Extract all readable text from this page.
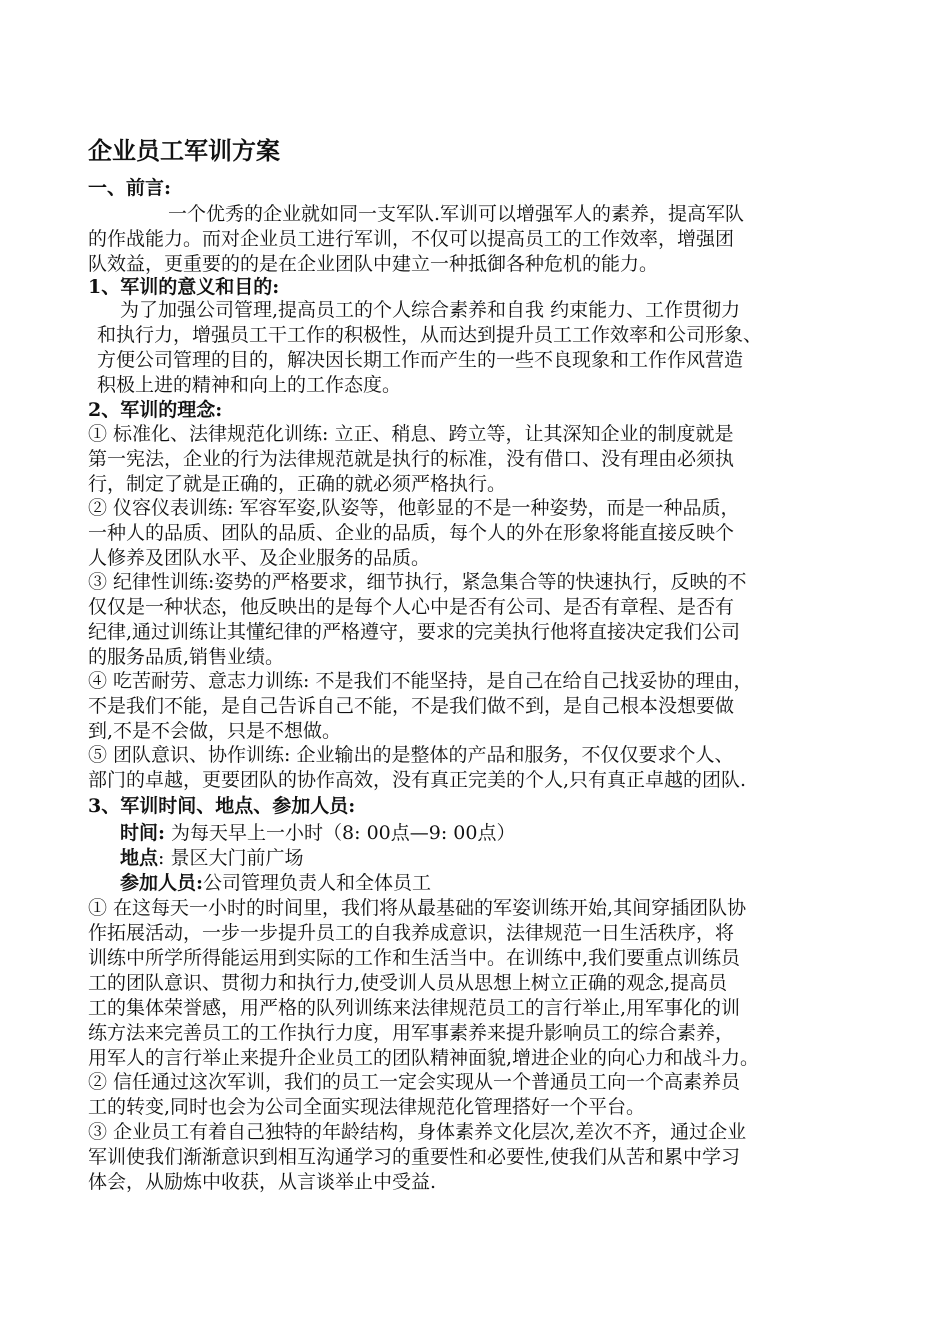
企业员工军训方案
一、前言:
一个优秀的企业就如同一支军队.军训可以增强军人的素养，提高军队
的作战能力。而对企业员工进行军训，不仅可以提高员工的工作效率，增强团
队效益，更重要的的是在企业团队中建立一种抵御各种危机的能力。
1、军训的意义和目的:
为了加强公司管理,提高员工的个人综合素养和自我 约束能力、工作贯彻力
和执行力，增强员工干工作的积极性，从而达到提升员工工作效率和公司形象、
方便公司管理的目的，解决因长期工作而产生的一些不良现象和工作作风营造
积极上进的精神和向上的工作态度。
2、军训的理念:
① 标准化、法律规范化训练: 立正、稍息、跨立等，让其深知企业的制度就是
第一宪法，企业的行为法律规范就是执行的标准，没有借口、没有理由必须执
行，制定了就是正确的，正确的就必须严格执行。
② 仪容仪表训练: 军容军姿,队姿等，他彰显的不是一种姿势，而是一种品质，
一种人的品质、团队的品质、企业的品质，每个人的外在形象将能直接反映个
人修养及团队水平、及企业服务的品质。
③ 纪律性训练:姿势的严格要求，细节执行，紧急集合等的快速执行，反映的不
仅仅是一种状态，他反映出的是每个人心中是否有公司、是否有章程、是否有
纪律,通过训练让其懂纪律的严格遵守，要求的完美执行他将直接决定我们公司
的服务品质,销售业绩。
④ 吃苦耐劳、意志力训练: 不是我们不能坚持，是自己在给自己找妥协的理由，
不是我们不能，是自己告诉自己不能，不是我们做不到，是自己根本没想要做
到,不是不会做，只是不想做。
⑤ 团队意识、协作训练: 企业输出的是整体的产品和服务，不仅仅要求个人、
部门的卓越，更要团队的协作高效，没有真正完美的个人,只有真正卓越的团队.
3、军训时间、地点、参加人员:
时间: 为每天早上一小时（8: 00点—9: 00点）
地点: 景区大门前广场
参加人员:公司管理负责人和全体员工
① 在这每天一小时的时间里，我们将从最基础的军姿训练开始,其间穿插团队协
作拓展活动，一步一步提升员工的自我养成意识，法律规范一日生活秩序，将
训练中所学所得能运用到实际的工作和生活当中。在训练中,我们要重点训练员
工的团队意识、贯彻力和执行力,使受训人员从思想上树立正确的观念,提高员
工的集体荣誉感，用严格的队列训练来法律规范员工的言行举止,用军事化的训
练方法来完善员工的工作执行力度，用军事素养来提升影响员工的综合素养，
用军人的言行举止来提升企业员工的团队精神面貌,增进企业的向心力和战斗力。
② 信任通过这次军训，我们的员工一定会实现从一个普通员工向一个高素养员
工的转变,同时也会为公司全面实现法律规范化管理搭好一个平台。
③ 企业员工有着自己独特的年龄结构，身体素养文化层次,差次不齐，通过企业
军训使我们渐渐意识到相互沟通学习的重要性和必要性,使我们从苦和累中学习
体会，从励炼中收获，从言谈举止中受益.
